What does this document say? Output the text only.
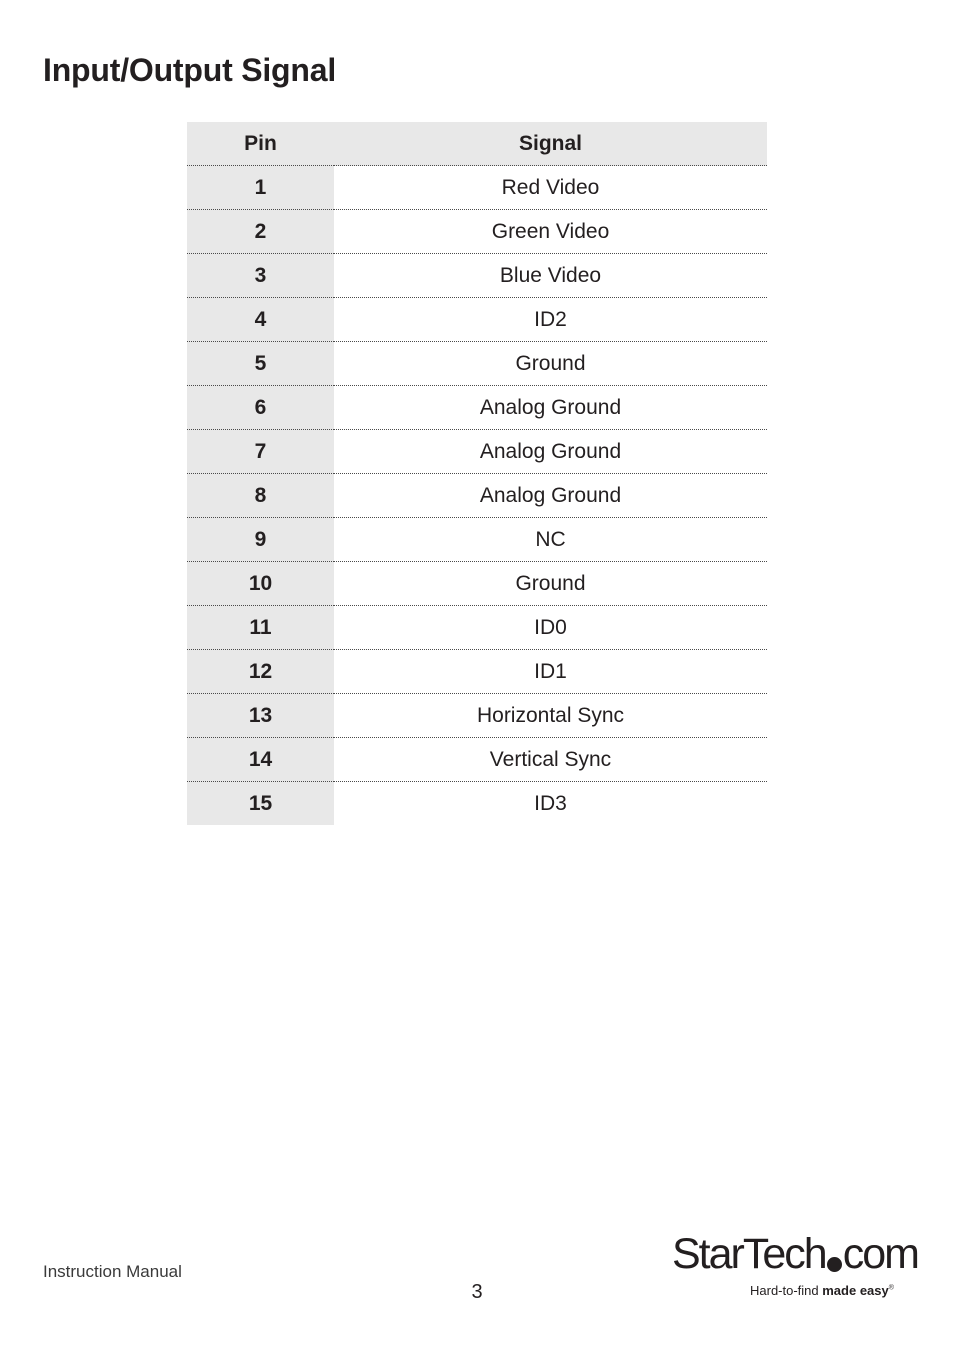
Input/Output Signal
Pin	Signal
1	Red Video
2	Green Video
3	Blue Video
4	ID2
5	Ground
6	Analog Ground
7	Analog Ground
8	Analog Ground
9	NC
10	Ground
11	ID0
12	ID1
13	Horizontal Sync
14	Vertical Sync
15	ID3
Instruction Manual
3
StarTech com
Hard-to-find made easy®
